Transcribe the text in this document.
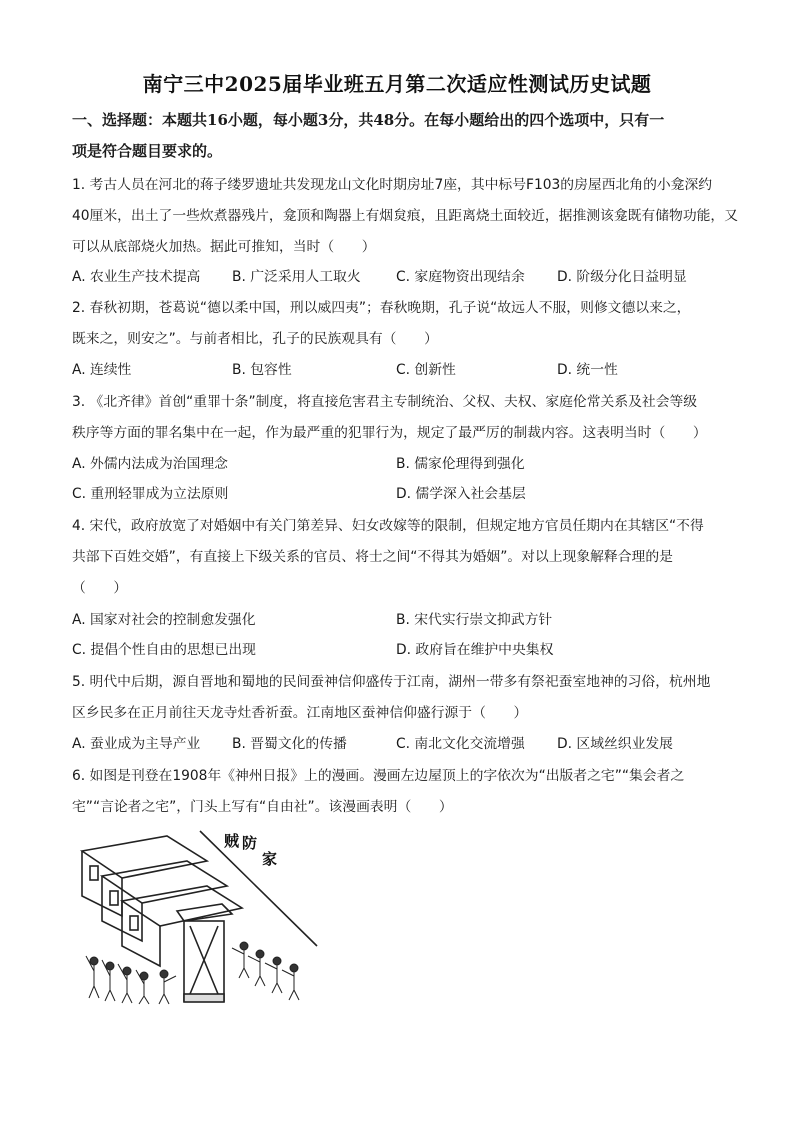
南宁三中2025届毕业班五月第二次适应性测试历史试题
一、选择题：本题共16小题，每小题3分，共48分。在每小题给出的四个选项中，只有一
项是符合题目要求的。
1. 考古人员在河北的蒋子缕罗遗址共发现龙山文化时期房址7座，其中标号F103的房屋西北角的小龛深约
40厘米，出土了一些炊煮器残片，龛顶和陶器上有烟炱痕，且距离烧土面较近，据推测该龛既有储物功能，又
可以从底部烧火加热。据此可推知，当时（　　）
A. 农业生产技术提高 B. 广泛采用人工取火	C. 家庭物资出现结余 D. 阶级分化日益明显
2. 春秋初期，苍葛说“德以柔中国，刑以威四夷”；春秋晚期，孔子说“故远人不服，则修文德以来之，
既来之，则安之”。与前者相比，孔子的民族观具有（　　）
A. 连续性	B. 包容性	C. 创新性	D. 统一性
3. 《北齐律》首创“重罪十条”制度，将直接危害君主专制统治、父权、夫权、家庭伦常关系及社会等级
秩序等方面的罪名集中在一起，作为最严重的犯罪行为，规定了最严厉的制裁内容。这表明当时（　　）
A. 外儒内法成为治国理念	B. 儒家伦理得到强化
C. 重刑轻罪成为立法原则	D. 儒学深入社会基层
4. 宋代，政府放宽了对婚姻中有关门第差异、妇女改嫁等的限制，但规定地方官员任期内在其辖区“不得
共部下百姓交婚”，有直接上下级关系的官员、将士之间“不得其为婚姻”。对以上现象解释合理的是
（　　）
A. 国家对社会的控制愈发强化	B. 宋代实行崇文抑武方针
C. 提倡个性自由的思想已出现	D. 政府旨在维护中央集权
5. 明代中后期，源自晋地和蜀地的民间蚕神信仰盛传于江南，湖州一带多有祭祀蚕室地神的习俗，杭州地
区乡民多在正月前往天龙寺灶香祈蚕。江南地区蚕神信仰盛行源于（　　）
A. 蚕业成为主导产业 B. 晋蜀文化的传播	C. 南北文化交流增强 D. 区域丝织业发展
6. 如图是刊登在1908年《神州日报》上的漫画。漫画左边屋顶上的字依次为“出版者之宅”“集会者之
宅”“言论者之宅”，门头上写有“自由社”。该漫画表明（　　）
防
家
贼
